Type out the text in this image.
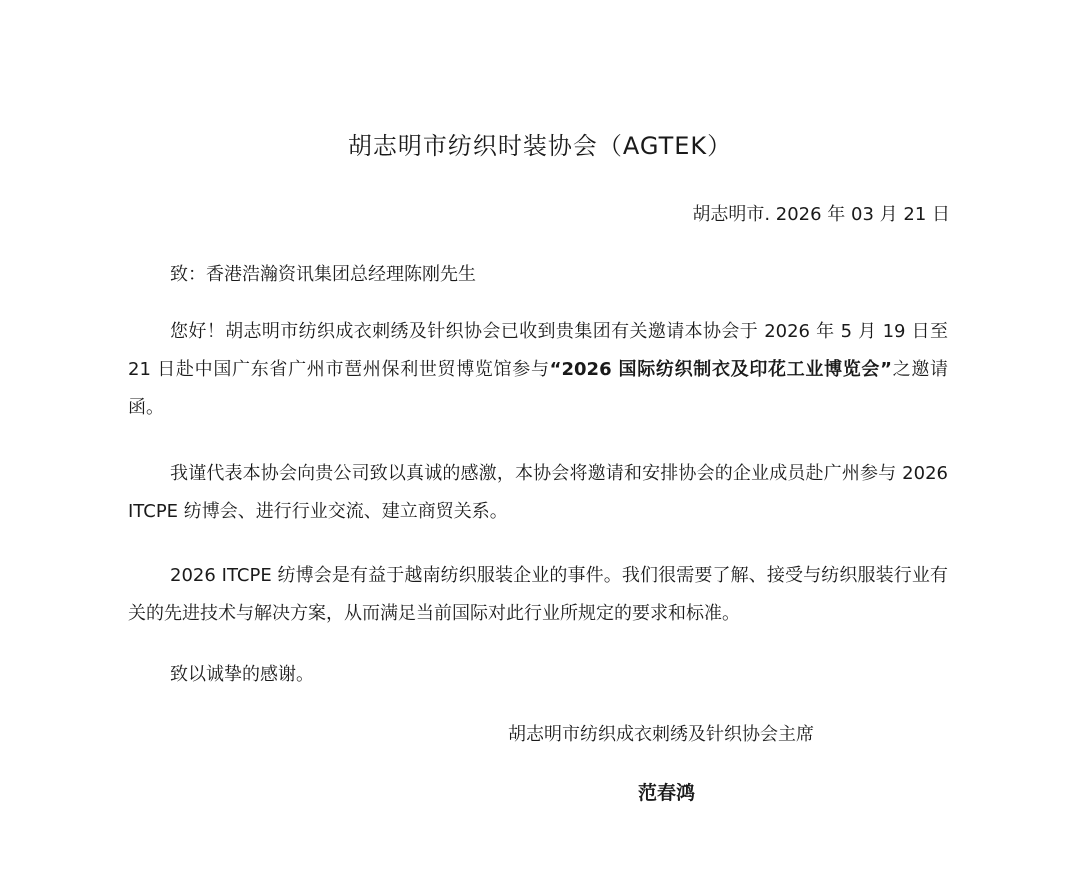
胡志明市纺织时装协会（AGTEK）
胡志明市. 2026 年 03 月 21 日
致：香港浩瀚资讯集团总经理陈刚先生
您好！胡志明市纺织成衣刺绣及针织协会已收到贵集团有关邀请本协会于 2026 年 5 月 19 日至 21 日赴中国广东省广州市琶州保利世贸博览馆参与“2026 国际纺织制衣及印花工业博览会”之邀请函。
我谨代表本协会向贵公司致以真诚的感激，本协会将邀请和安排协会的企业成员赴广州参与 2026 ITCPE 纺博会、进行行业交流、建立商贸关系。
2026 ITCPE 纺博会是有益于越南纺织服装企业的事件。我们很需要了解、接受与纺织服装行业有关的先进技术与解决方案，从而满足当前国际对此行业所规定的要求和标准。
致以诚挚的感谢。
胡志明市纺织成衣刺绣及针织协会主席
范春鸿
